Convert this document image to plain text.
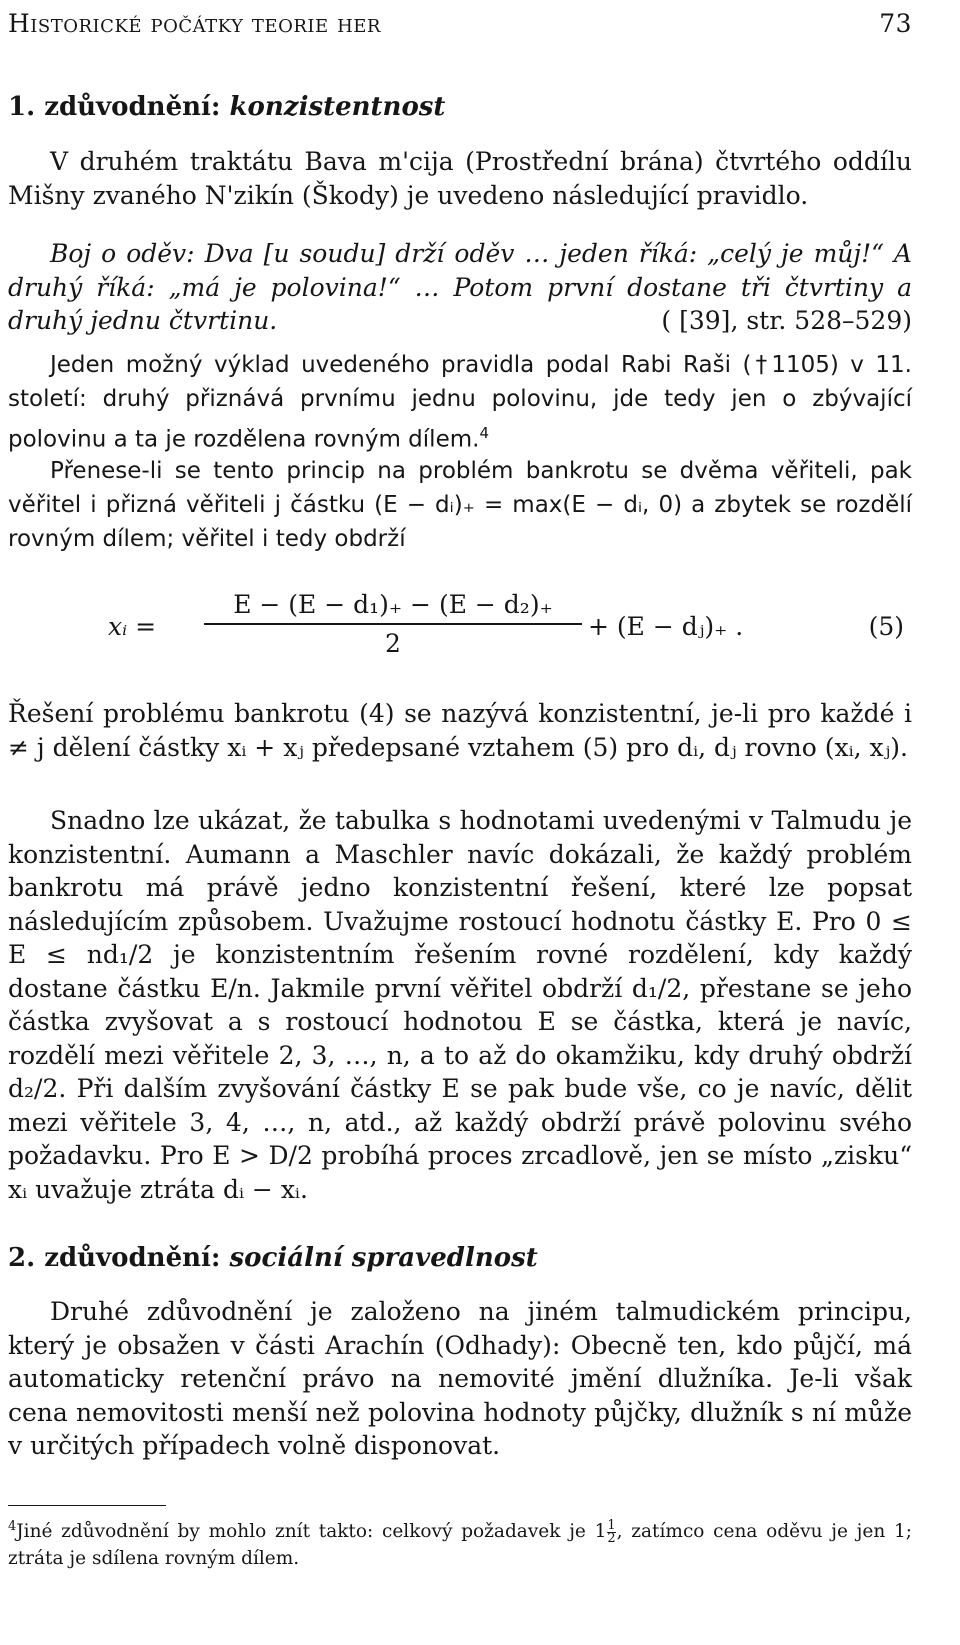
Historické počátky teorie her	73
1. zdůvodnění: konzistentnost
V druhém traktátu Bava m'cija (Prostřední brána) čtvrtého oddílu Mišny zvaného N'zikín (Škody) je uvedeno následující pravidlo.
Boj o oděv: Dva [u soudu] drží oděv … jeden říká: „celý je můj!“ A druhý říká: „má je polovina!“ … Potom první dostane tři čtvrtiny a druhý jednu čtvrtinu.	( [39], str. 528–529)
Jeden možný výklad uvedeného pravidla podal Rabi Raši (†1105) v 11. století: druhý přiznává prvnímu jednu polovinu, jde tedy jen o zbývající polovinu a ta je rozdělena rovným dílem.$^4$
Přenese-li se tento princip na problém bankrotu se dvěma věřiteli, pak věřitel i přizná věřiteli j částku (E − dᵢ)₊ = max(E − dᵢ, 0) a zbytek se rozdělí rovným dílem; věřitel i tedy obdrží
xᵢ =
E − (E − d₁)₊ − (E − d₂)₊
2
+ (E − dⱼ)₊ .	(5)
Řešení problému bankrotu (4) se nazývá konzistentní, je-li pro každé i ≠ j dělení částky xᵢ + xⱼ předepsané vztahem (5) pro dᵢ, dⱼ rovno (xᵢ, xⱼ).
Snadno lze ukázat, že tabulka s hodnotami uvedenými v Talmudu je konzistentní. Aumann a Maschler navíc dokázali, že každý problém bankrotu má právě jedno konzistentní řešení, které lze popsat následujícím způsobem. Uvažujme rostoucí hodnotu částky E. Pro 0 ≤ E ≤ nd₁/2 je konzistentním řešením rovné rozdělení, kdy každý dostane částku E/n. Jakmile první věřitel obdrží d₁/2, přestane se jeho částka zvyšovat a s rostoucí hodnotou E se částka, která je navíc, rozdělí mezi věřitele 2, 3, …, n, a to až do okamžiku, kdy druhý obdrží d₂/2. Při dalším zvyšování částky E se pak bude vše, co je navíc, dělit mezi věřitele 3, 4, …, n, atd., až každý obdrží právě polovinu svého požadavku. Pro E > D/2 probíhá proces zrcadlově, jen se místo „zisku“ xᵢ uvažuje ztráta dᵢ − xᵢ.
2. zdůvodnění: sociální spravedlnost
Druhé zdůvodnění je založeno na jiném talmudickém principu, který je obsažen v části Arachín (Odhady): Obecně ten, kdo půjčí, má automaticky retenční právo na nemovité jmění dlužníka. Je-li však cena nemovitosti menší než polovina hodnoty půjčky, dlužník s ní může v určitých případech volně disponovat.
$^4$Jiné zdůvodnění by mohlo znít takto: celkový požadavek je $1 \frac{1}{2}$ , zatímco cena oděvu je jen 1; ztráta je sdílena rovným dílem.
